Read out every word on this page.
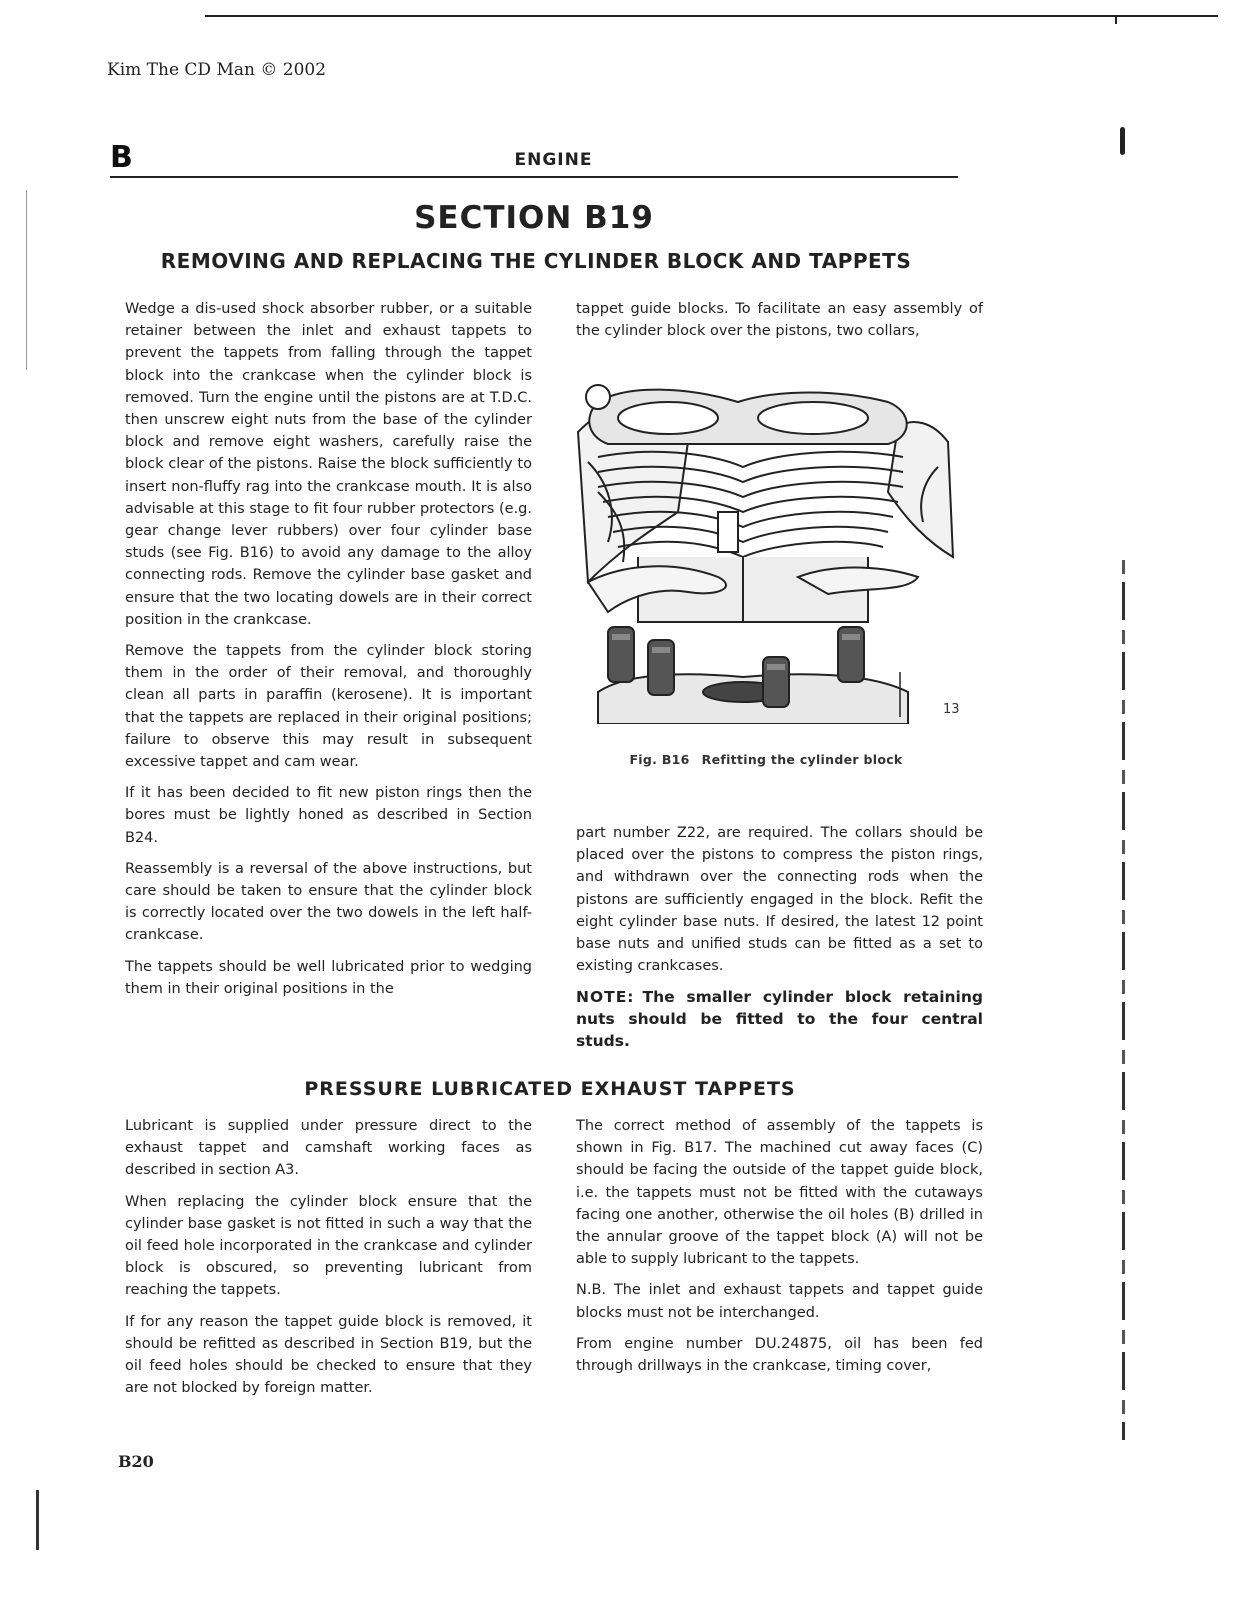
Kim The CD Man © 2002
B	ENGINE
SECTION B19
REMOVING AND REPLACING THE CYLINDER BLOCK AND TAPPETS

Wedge a dis-used shock absorber rubber, or a suitable retainer between the inlet and exhaust tappets to prevent the tappets from falling through the tappet block into the crankcase when the cylinder block is removed. Turn the engine until the pistons are at T.D.C. then unscrew eight nuts from the base of the cylinder block and remove eight washers, carefully raise the block clear of the pistons. Raise the block sufficiently to insert non-fluffy rag into the crankcase mouth. It is also advisable at this stage to fit four rubber protectors (e.g. gear change lever rubbers) over four cylinder base studs (see Fig. B16) to avoid any damage to the alloy connecting rods. Remove the cylinder base gasket and ensure that the two locating dowels are in their correct position in the crankcase.

Remove the tappets from the cylinder block storing them in the order of their removal, and thoroughly clean all parts in paraffin (kerosene). It is important that the tappets are replaced in their original positions; failure to observe this may result in subsequent excessive tappet and cam wear.

If it has been decided to fit new piston rings then the bores must be lightly honed as described in Section B24.

Reassembly is a reversal of the above instructions, but care should be taken to ensure that the cylinder block is correctly located over the two dowels in the left half-crankcase.

The tappets should be well lubricated prior to wedging them in their original positions in the

tappet guide blocks. To facilitate an easy assembly of the cylinder block over the pistons, two collars,

13
Fig. B16 Refitting the cylinder block

part number Z22, are required. The collars should be placed over the pistons to compress the piston rings, and withdrawn over the connecting rods when the pistons are sufficiently engaged in the block. Refit the eight cylinder base nuts. If desired, the latest 12 point base nuts and unified studs can be fitted as a set to existing crankcases.

NOTE: The smaller cylinder block retaining nuts should be fitted to the four central studs.
PRESSURE LUBRICATED EXHAUST TAPPETS

Lubricant is supplied under pressure direct to the exhaust tappet and camshaft working faces as described in section A3.

When replacing the cylinder block ensure that the cylinder base gasket is not fitted in such a way that the oil feed hole incorporated in the crankcase and cylinder block is obscured, so preventing lubricant from reaching the tappets.

If for any reason the tappet guide block is removed, it should be refitted as described in Section B19, but the oil feed holes should be checked to ensure that they are not blocked by foreign matter.

The correct method of assembly of the tappets is shown in Fig. B17. The machined cut away faces (C) should be facing the outside of the tappet guide block, i.e. the tappets must not be fitted with the cutaways facing one another, otherwise the oil holes (B) drilled in the annular groove of the tappet block (A) will not be able to supply lubricant to the tappets.

N.B. The inlet and exhaust tappets and tappet guide blocks must not be interchanged.

From engine number DU.24875, oil has been fed through drillways in the crankcase, timing cover,

B20
